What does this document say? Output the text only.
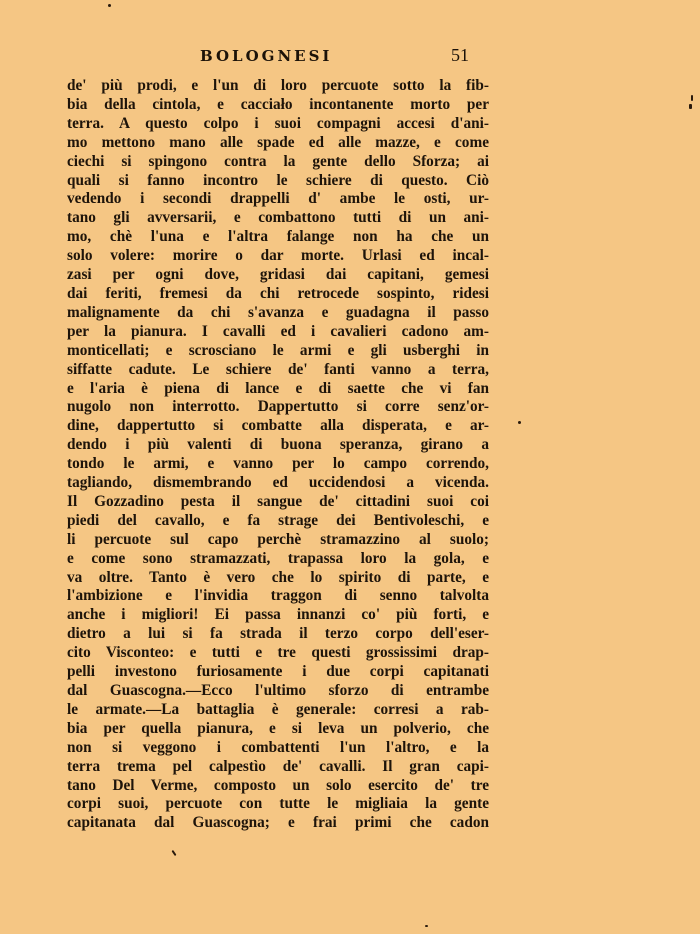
BOLOGNESI	51
de' più prodi, e l'un di loro percuote sotto la fib-
bia della cintola, e cacciało incontanente morto per
terra. A questo colpo i suoi compagni accesi d'ani-
mo mettono mano alle spade ed alle mazze, e come
ciechi si spingono contra la gente dello Sforza; ai
quali si fanno incontro le schiere di questo. Ciò
vedendo i secondi drappelli d' ambe le osti, ur-
tano gli avversarii, e combattono tutti di un ani-
mo, chè l'una e l'altra falange non ha che un
solo volere: morire o dar morte. Urlasi ed incal-
zasi per ogni dove, gridasi dai capitani, gemesi
dai feriti, fremesi da chi retrocede sospinto, ridesi
malignamente da chi s'avanza e guadagna il passo
per la pianura. I cavalli ed i cavalieri cadono am-
monticellati; e scrosciano le armi e gli usberghi in
siffatte cadute. Le schiere de' fanti vanno a terra,
e l'aria è piena di lance e di saette che vi fan
nugolo non interrotto. Dappertutto si corre senz'or-
dine, dappertutto si combatte alla disperata, e ar-
dendo i più valenti di buona speranza, girano a
tondo le armi, e vanno per lo campo correndo,
tagliando, dismembrando ed uccidendosi a vicenda.
Il Gozzadino pesta il sangue de' cittadini suoi coi
piedi del cavallo, e fa strage dei Bentivoleschi, e
li percuote sul capo perchè stramazzino al suolo;
e come sono stramazzati, trapassa loro la gola, e
va oltre. Tanto è vero che lo spirito di parte, e
l'ambizione e l'invidia traggon di senno talvolta
anche i migliori! Ei passa innanzi co' più forti, e
dietro a lui si fa strada il terzo corpo dell'eser-
cito Visconteo: e tutti e tre questi grossissimi drap-
pelli investono furiosamente i due corpi capitanati
dal Guascogna.—Ecco l'ultimo sforzo di entrambe
le armate.—La battaglia è generale: corresi a rab-
bia per quella pianura, e si leva un polverio, che
non si veggono i combattenti l'un l'altro, e la
terra trema pel calpestìo de' cavalli. Il gran capi-
tano Del Verme, composto un solo esercito de' tre
corpi suoi, percuote con tutte le migliaia la gente
capitanata dal Guascogna; e frai primi che cadon
